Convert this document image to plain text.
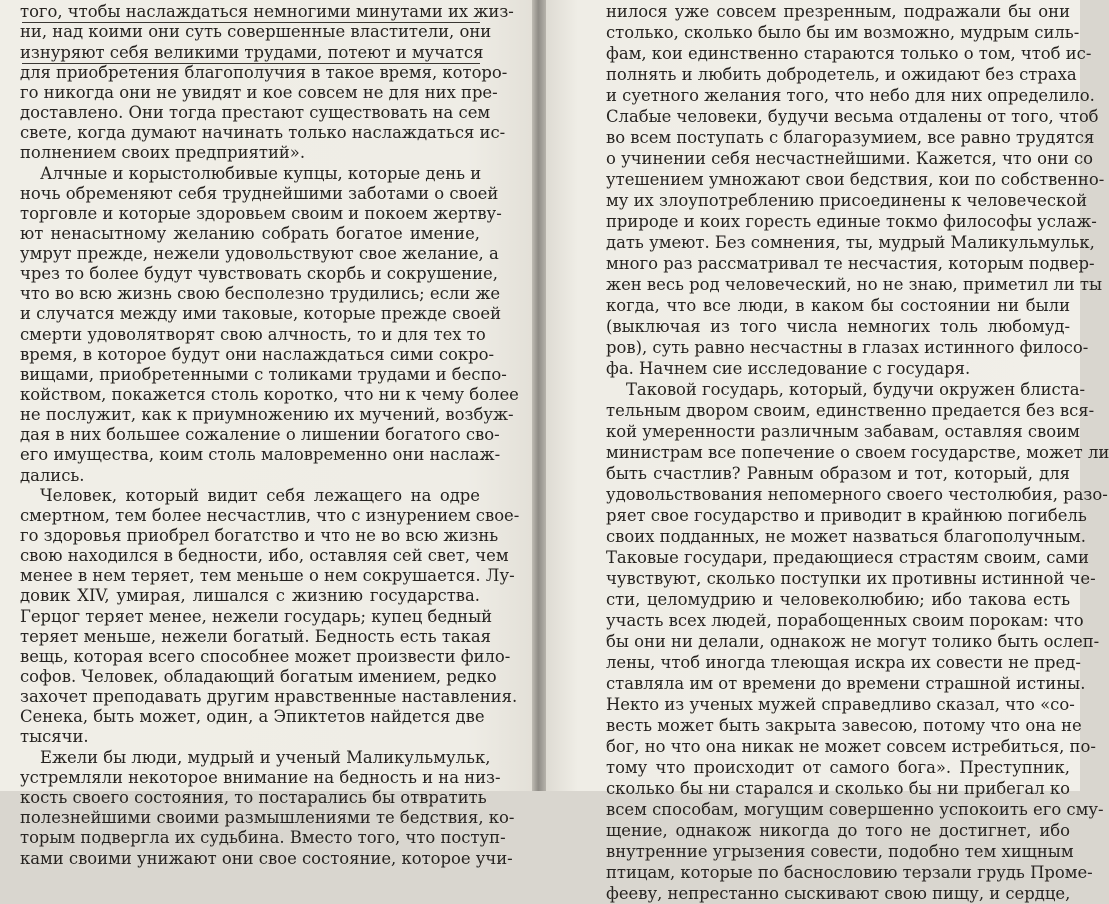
того, чтобы наслаждаться немногими минутами их жиз-
ни, над коими они суть совершенные властители, они
изнуряют себя великими трудами, потеют и мучатся
для приобретения благополучия в такое время, которо-
го никогда они не увидят и кое совсем не для них пре-
доставлено. Они тогда престают существовать на сем
свете, когда думают начинать только наслаждаться ис-
полнением своих предприятий».
Алчные и корыстолюбивые купцы, которые день и
ночь обременяют себя труднейшими заботами о своей
торговле и которые здоровьем своим и покоем жертву-
ют ненасытному желанию собрать богатое имение,
умрут прежде, нежели удовольствуют свое желание, а
чрез то более будут чувствовать скорбь и сокрушение,
что во всю жизнь свою бесполезно трудились; если же
и случатся между ими таковые, которые прежде своей
смерти удоволятворят свою алчность, то и для тех то
время, в которое будут они наслаждаться сими сокро-
вищами, приобретенными с толиками трудами и беспо-
койством, покажется столь коротко, что ни к чему более
не послужит, как к приумножению их мучений, возбуж-
дая в них большее сожаление о лишении богатого сво-
его имущества, коим столь маловременно они наслаж-
дались.
Человек, который видит себя лежащего на одре
смертном, тем более несчастлив, что с изнурением свое-
го здоровья приобрел богатство и что не во всю жизнь
свою находился в бедности, ибо, оставляя сей свет, чем
менее в нем теряет, тем меньше о нем сокрушается. Лу-
довик XIV, умирая, лишался с жизнию государства.
Герцог теряет менее, нежели государь; купец бедный
теряет меньше, нежели богатый. Бедность есть такая
вещь, которая всего способнее может произвести фило-
софов. Человек, обладающий богатым имением, редко
захочет преподавать другим нравственные наставления.
Сенека, быть может, один, а Эпиктетов найдется две
тысячи.
Ежели бы люди, мудрый и ученый Маликульмульк,
устремляли некоторое внимание на бедность и на низ-
кость своего состояния, то постарались бы отвратить
полезнейшими своими размышлениями те бедствия, ко-
торым подвергла их судьбина. Вместо того, что поступ-
ками своими унижают они свое состояние, которое учи-
нилося уже совсем презренным, подражали бы они
столько, сколько было бы им возможно, мудрым силь-
фам, кои единственно стараются только о том, чтоб ис-
полнять и любить добродетель, и ожидают без страха
и суетного желания того, что небо для них определило.
Слабые человеки, будучи весьма отдалены от того, чтоб
во всем поступать с благоразумием, все равно трудятся
о учинении себя несчастнейшими. Кажется, что они со
утешением умножают свои бедствия, кои по собственно-
му их злоупотреблению присоединены к человеческой
природе и коих горесть единые токмо философы услаж-
дать умеют. Без сомнения, ты, мудрый Маликульмульк,
много раз рассматривал те несчастия, которым подвер-
жен весь род человеческий, но не знаю, приметил ли ты
когда, что все люди, в каком бы состоянии ни были
(выключая из того числа немногих толь любомуд-
ров), суть равно несчастны в глазах истинного филосо-
фа. Начнем сие исследование с государя.
Таковой государь, который, будучи окружен блиста-
тельным двором своим, единственно предается без вся-
кой умеренности различным забавам, оставляя своим
министрам все попечение о своем государстве, может ли
быть счастлив? Равным образом и тот, который, для
удовольствования непомерного своего честолюбия, разо-
ряет свое государство и приводит в крайнюю погибель
своих подданных, не может назваться благополучным.
Таковые государи, предающиеся страстям своим, сами
чувствуют, сколько поступки их противны истинной че-
сти, целомудрию и человеколюбию; ибо такова есть
участь всех людей, порабощенных своим порокам: что
бы они ни делали, однакож не могут толико быть ослеп-
лены, чтоб иногда тлеющая искра их совести не пред-
ставляла им от времени до времени страшной истины.
Некто из ученых мужей справедливо сказал, что «со-
весть может быть закрыта завесою, потому что она не
бог, но что она никак не может совсем истребиться, по-
тому что происходит от самого бога». Преступник,
сколько бы ни старался и сколько бы ни прибегал ко
всем способам, могущим совершенно успокоить его сму-
щение, однакож никогда до того не достигнет, ибо
внутренние угрызения совести, подобно тем хищным
птицам, которые по баснословию терзали грудь Проме-
фееву, непрестанно сыскивают свою пищу, и сердце,
